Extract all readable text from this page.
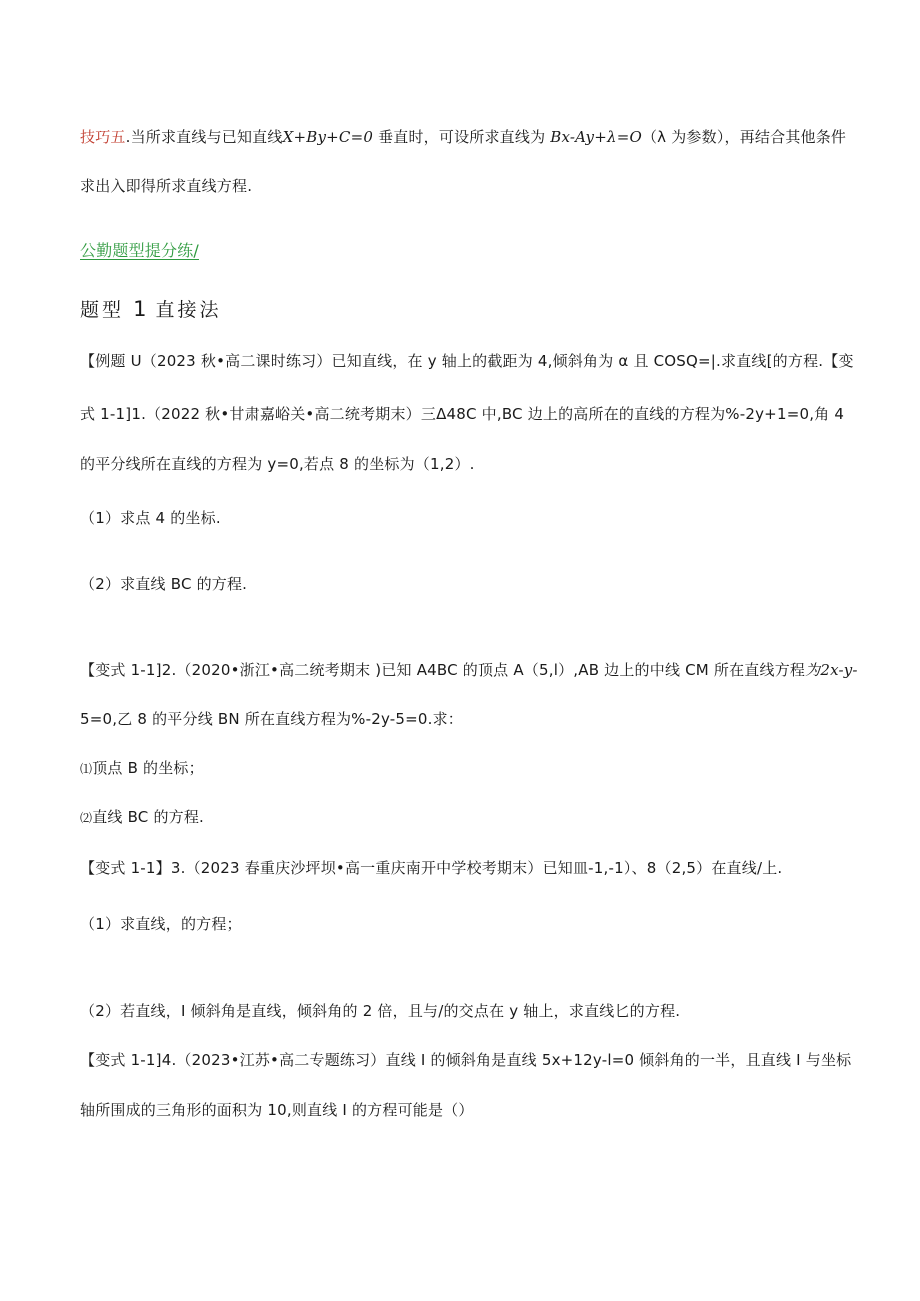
技巧五.当所求直线与已知直线X+By+C=0 垂直时，可设所求直线为 Bx-Ay+λ=O（λ 为参数），再结合其他条件
求出入即得所求直线方程.
公勤题型提分练/
题型 1 直接法
【例题 U（2023 秋•高二课时练习）已知直线，在 y 轴上的截距为 4,倾斜角为 α 且 COSQ=|.求直线[的方程.【变
式 1-1]1.（2022 秋•甘肃嘉峪关•高二统考期末）三Δ48C 中,BC 边上的高所在的直线的方程为%-2y+1=0,角 4
的平分线所在直线的方程为 y=0,若点 8 的坐标为（1,2）.
（1）求点 4 的坐标.
（2）求直线 BC 的方程.
【变式 1-1]2.（2020•浙江•高二统考期末 )已知 A4BC 的顶点 A（5,l）,AB 边上的中线 CM 所在直线方程为2x-y-
5=0,乙 8 的平分线 BN 所在直线方程为%-2y-5=0.求：
⑴顶点 B 的坐标；
⑵直线 BC 的方程.
【变式 1-1】3.（2023 春重庆沙坪坝•高一重庆南开中学校考期末）已知皿-1,-1）、8（2,5）在直线/上.
（1）求直线，的方程；
（2）若直线，I 倾斜角是直线，倾斜角的 2 倍，且与/的交点在 y 轴上，求直线匕的方程.
【变式 1-1]4.（2023•江苏•高二专题练习）直线 I 的倾斜角是直线 5x+12y-l=0 倾斜角的一半，且直线 I 与坐标
轴所围成的三角形的面积为 10,则直线 I 的方程可能是（）
